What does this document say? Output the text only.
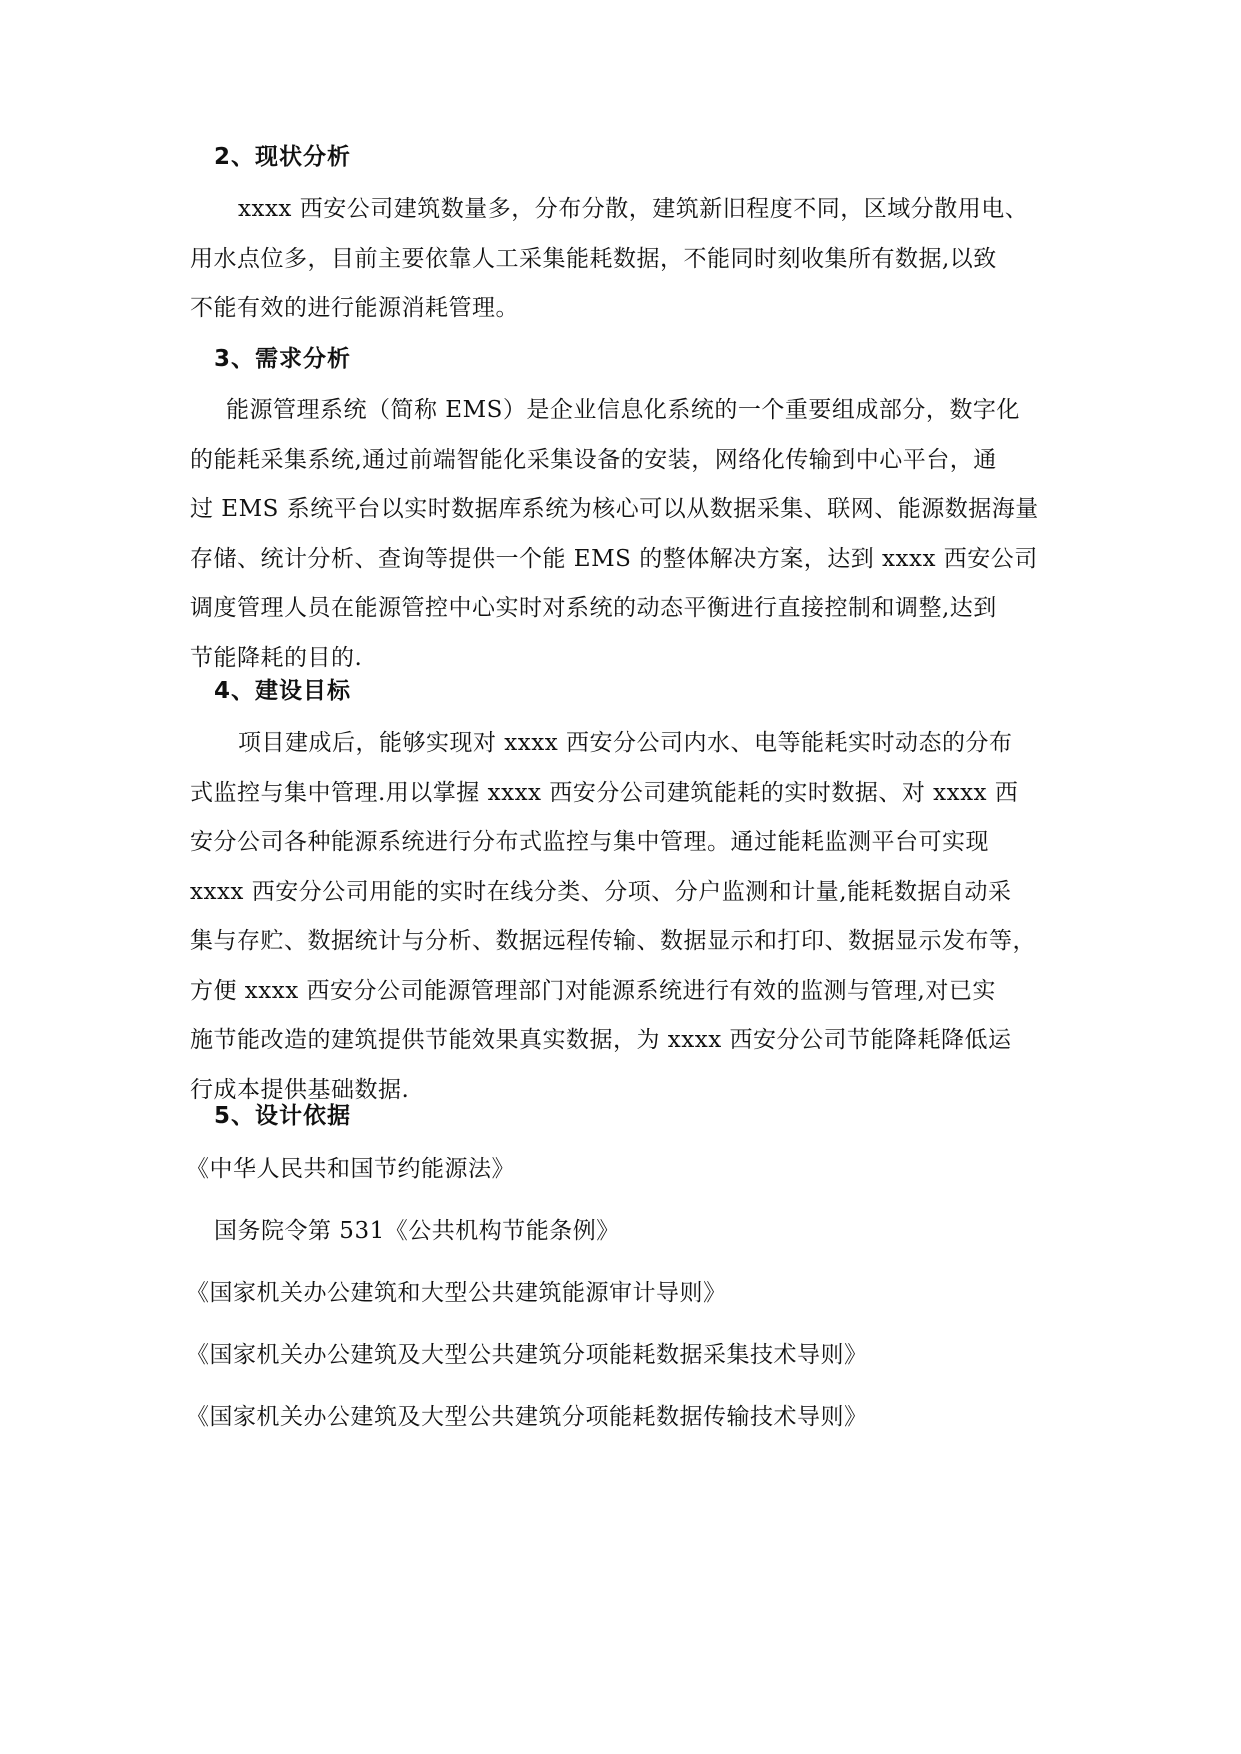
2、现状分析
xxxx 西安公司建筑数量多，分布分散，建筑新旧程度不同，区域分散用电、
用水点位多，目前主要依靠人工采集能耗数据，不能同时刻收集所有数据,以致
不能有效的进行能源消耗管理。
3、需求分析
能源管理系统（简称 EMS）是企业信息化系统的一个重要组成部分，数字化
的能耗采集系统,通过前端智能化采集设备的安装，网络化传输到中心平台，通
过 EMS 系统平台以实时数据库系统为核心可以从数据采集、联网、能源数据海量
存储、统计分析、查询等提供一个能 EMS 的整体解决方案，达到 xxxx 西安公司
调度管理人员在能源管控中心实时对系统的动态平衡进行直接控制和调整,达到
节能降耗的目的.
4、建设目标
项目建成后，能够实现对 xxxx 西安分公司内水、电等能耗实时动态的分布
式监控与集中管理.用以掌握 xxxx 西安分公司建筑能耗的实时数据、对 xxxx 西
安分公司各种能源系统进行分布式监控与集中管理。通过能耗监测平台可实现
xxxx 西安分公司用能的实时在线分类、分项、分户监测和计量,能耗数据自动采
集与存贮、数据统计与分析、数据远程传输、数据显示和打印、数据显示发布等，
方便 xxxx 西安分公司能源管理部门对能源系统进行有效的监测与管理,对已实
施节能改造的建筑提供节能效果真实数据，为 xxxx 西安分公司节能降耗降低运
行成本提供基础数据.
5、设计依据
《中华人民共和国节约能源法》
国务院令第 531《公共机构节能条例》
《国家机关办公建筑和大型公共建筑能源审计导则》
《国家机关办公建筑及大型公共建筑分项能耗数据采集技术导则》
《国家机关办公建筑及大型公共建筑分项能耗数据传输技术导则》
